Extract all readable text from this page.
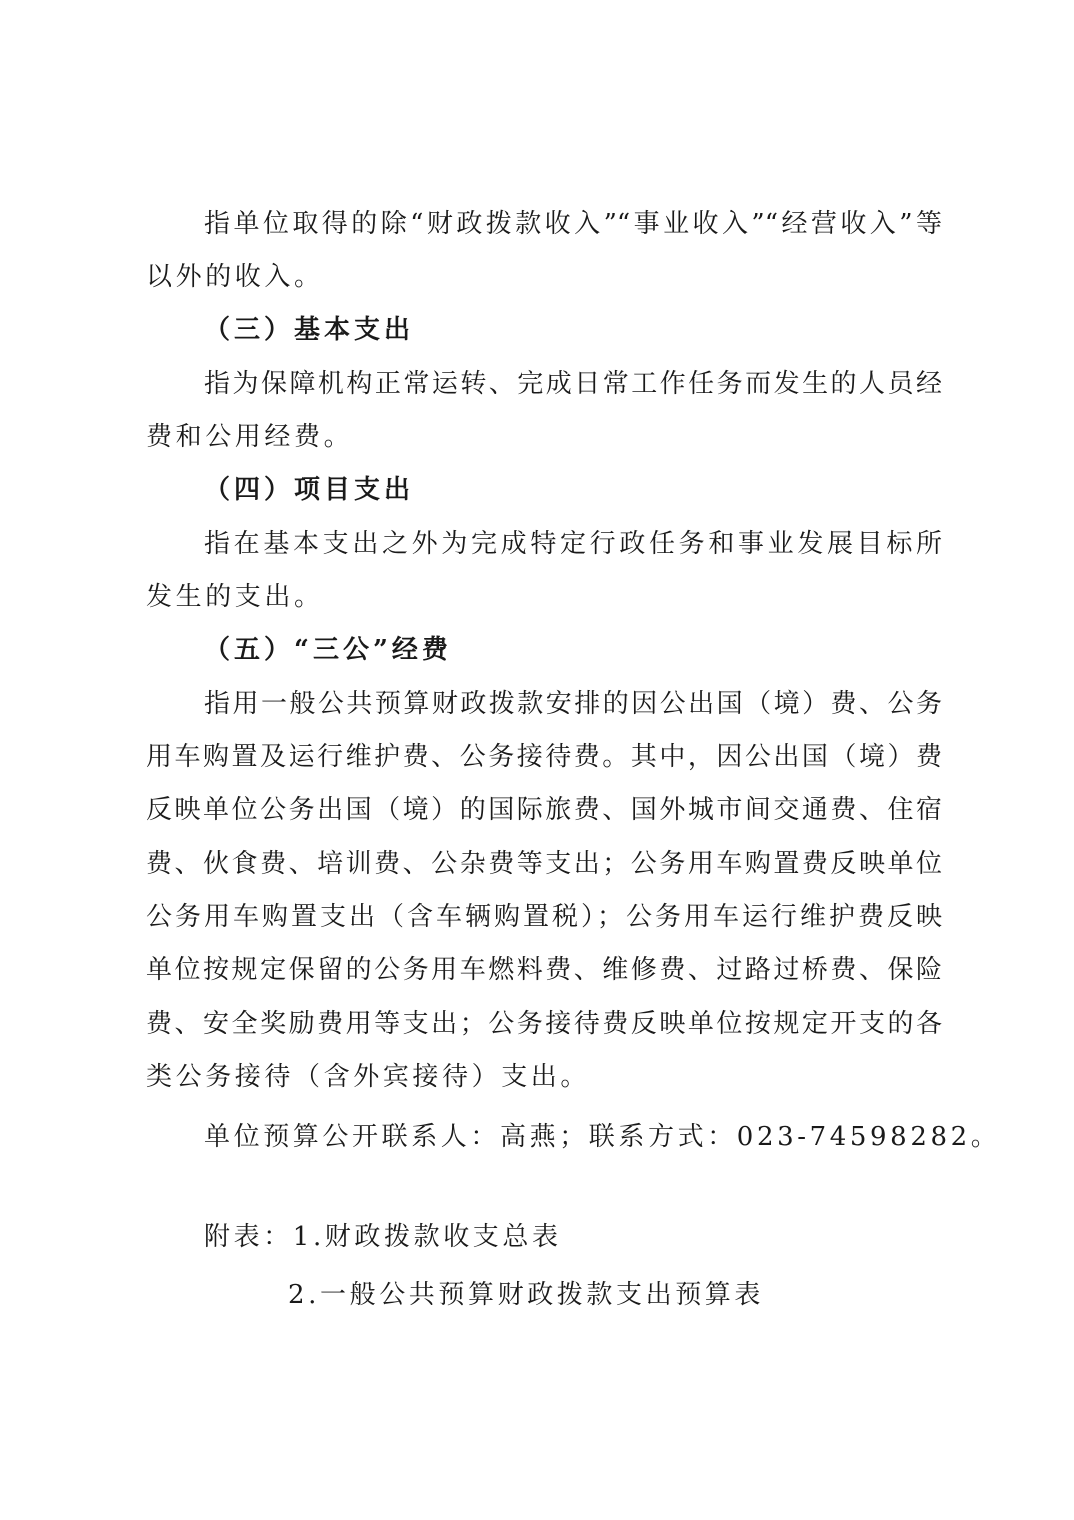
指单位取得的除“财政拨款收入”“事业收入”“经营收入”等
以外的收入。
（三）基本支出
指为保障机构正常运转、完成日常工作任务而发生的人员经
费和公用经费。
（四）项目支出
指在基本支出之外为完成特定行政任务和事业发展目标所
发生的支出。
（五）“三公”经费
指用一般公共预算财政拨款安排的因公出国（境）费、公务
用车购置及运行维护费、公务接待费。其中，因公出国（境）费
反映单位公务出国（境）的国际旅费、国外城市间交通费、住宿
费、伙食费、培训费、公杂费等支出；公务用车购置费反映单位
公务用车购置支出（含车辆购置税）；公务用车运行维护费反映
单位按规定保留的公务用车燃料费、维修费、过路过桥费、保险
费、安全奖励费用等支出；公务接待费反映单位按规定开支的各
类公务接待（含外宾接待）支出。
单位预算公开联系人：高燕；联系方式：023-74598282。
附表：1.财政拨款收支总表
2.一般公共预算财政拨款支出预算表
